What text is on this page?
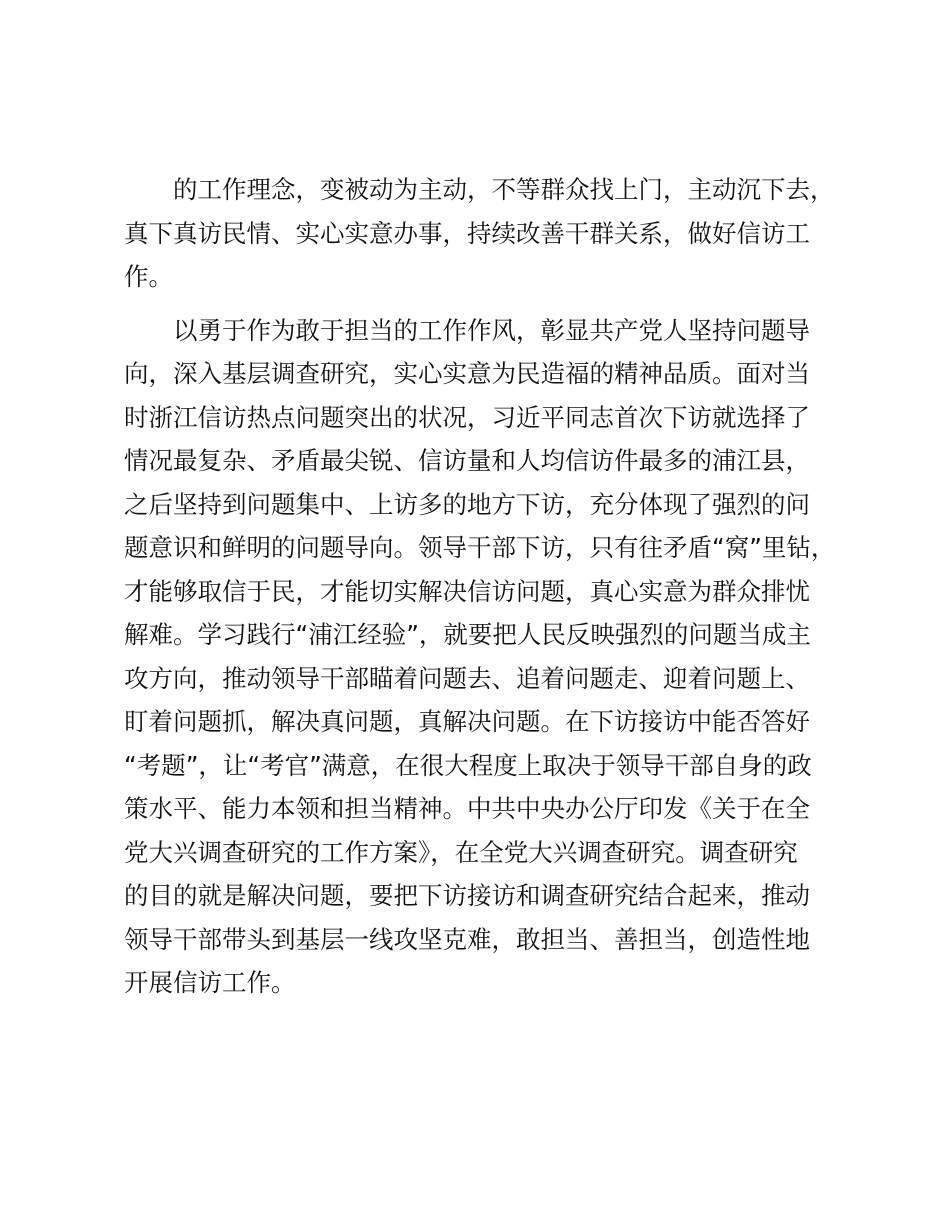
　　的工作理念，变被动为主动，不等群众找上门，主动沉下去，
真下真访民情、实心实意办事，持续改善干群关系，做好信访工
作。
　　以勇于作为敢于担当的工作作风，彰显共产党人坚持问题导
向，深入基层调查研究，实心实意为民造福的精神品质。面对当
时浙江信访热点问题突出的状况，习近平同志首次下访就选择了
情况最复杂、矛盾最尖锐、信访量和人均信访件最多的浦江县，
之后坚持到问题集中、上访多的地方下访，充分体现了强烈的问
题意识和鲜明的问题导向。领导干部下访，只有往矛盾“窝”里钻，
才能够取信于民，才能切实解决信访问题，真心实意为群众排忧
解难。学习践行“浦江经验”，就要把人民反映强烈的问题当成主
攻方向，推动领导干部瞄着问题去、追着问题走、迎着问题上、
盯着问题抓，解决真问题，真解决问题。在下访接访中能否答好
“考题”，让“考官”满意，在很大程度上取决于领导干部自身的政
策水平、能力本领和担当精神。中共中央办公厅印发《关于在全
党大兴调查研究的工作方案》，在全党大兴调查研究。调查研究
的目的就是解决问题，要把下访接访和调查研究结合起来，推动
领导干部带头到基层一线攻坚克难，敢担当、善担当，创造性地
开展信访工作。
